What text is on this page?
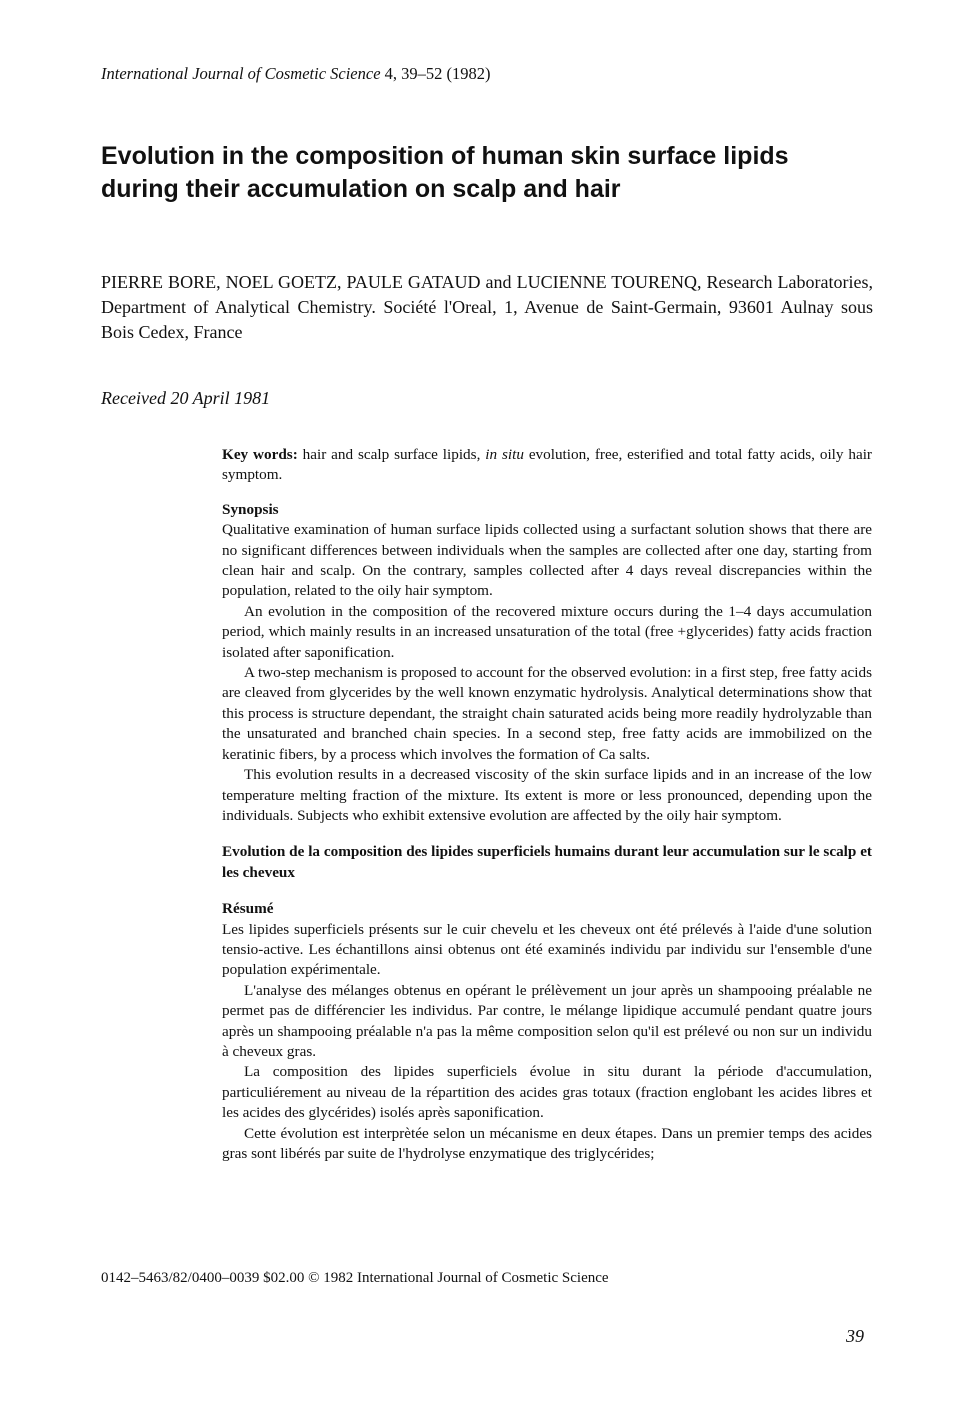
International Journal of Cosmetic Science 4, 39–52 (1982)
Evolution in the composition of human skin surface lipids
during their accumulation on scalp and hair
PIERRE BORE, NOEL GOETZ, PAULE GATAUD and LUCIENNE TOURENQ, Research Laboratories, Department of Analytical Chemistry. Société l'Oreal, 1, Avenue de Saint-Germain, 93601 Aulnay sous Bois Cedex, France
Received 20 April 1981

Key words: hair and scalp surface lipids, in situ evolution, free, esterified and total fatty acids, oily hair symptom.

Synopsis

Qualitative examination of human surface lipids collected using a surfactant solution shows that there are no significant differences between individuals when the samples are collected after one day, starting from clean hair and scalp. On the contrary, samples collected after 4 days reveal discrepancies within the population, related to the oily hair symptom.

An evolution in the composition of the recovered mixture occurs during the 1–4 days accumulation period, which mainly results in an increased unsaturation of the total (free +glycerides) fatty acids fraction isolated after saponification.

A two-step mechanism is proposed to account for the observed evolution: in a first step, free fatty acids are cleaved from glycerides by the well known enzymatic hydrolysis. Analytical determinations show that this process is structure dependant, the straight chain saturated acids being more readily hydrolyzable than the unsaturated and branched chain species. In a second step, free fatty acids are immobilized on the keratinic fibers, by a process which involves the formation of Ca salts.

This evolution results in a decreased viscosity of the skin surface lipids and in an increase of the low temperature melting fraction of the mixture. Its extent is more or less pronounced, depending upon the individuals. Subjects who exhibit extensive evolution are affected by the oily hair symptom.

Evolution de la composition des lipides superficiels humains durant leur accumulation sur le scalp et les cheveux

Résumé

Les lipides superficiels présents sur le cuir chevelu et les cheveux ont été prélevés à l'aide d'une solution tensio-active. Les échantillons ainsi obtenus ont été examinés individu par individu sur l'ensemble d'une population expérimentale.

L'analyse des mélanges obtenus en opérant le prélèvement un jour après un shampooing préalable ne permet pas de différencier les individus. Par contre, le mélange lipidique accumulé pendant quatre jours après un shampooing préalable n'a pas la même composition selon qu'il est prélevé ou non sur un individu à cheveux gras.

La composition des lipides superficiels évolue in situ durant la période d'accumulation, particuliérement au niveau de la répartition des acides gras totaux (fraction englobant les acides libres et les acides des glycérides) isolés après saponification.

Cette évolution est interprètée selon un mécanisme en deux étapes. Dans un premier temps des acides gras sont libérés par suite de l'hydrolyse enzymatique des triglycérides;

0142–5463/82/0400–0039 $02.00 © 1982 International Journal of Cosmetic Science
39
